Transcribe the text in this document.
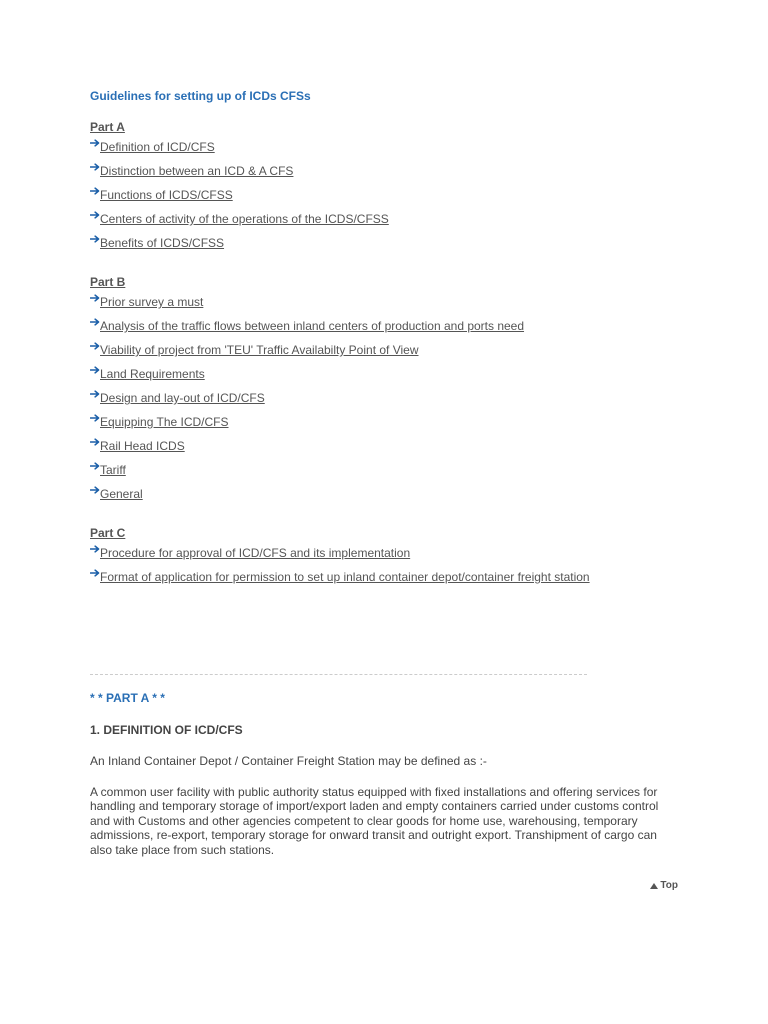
Guidelines for setting up of ICDs CFSs
Part A
Definition of ICD/CFS
Distinction between an ICD & A CFS
Functions of ICDS/CFSS
Centers of activity of the operations of the ICDS/CFSS
Benefits of ICDS/CFSS
Part B
Prior survey a must
Analysis of the traffic flows between inland centers of production and ports need
Viability of project from 'TEU' Traffic Availabilty Point of View
Land Requirements
Design and lay-out of ICD/CFS
Equipping The ICD/CFS
Rail Head ICDS
Tariff
General
Part C
Procedure for approval of ICD/CFS and its implementation
Format of application for permission to set up inland container depot/container freight station
* * PART A * *
1. DEFINITION OF ICD/CFS

An Inland Container Depot / Container Freight Station may be defined as :-

A common user facility with public authority status equipped with fixed installations and offering services for handling and temporary storage of import/export laden and empty containers carried under customs control and with Customs and other agencies competent to clear goods for home use, warehousing, temporary admissions, re-export, temporary storage for onward transit and outright export. Transhipment of cargo can also take place from such stations.

Top
